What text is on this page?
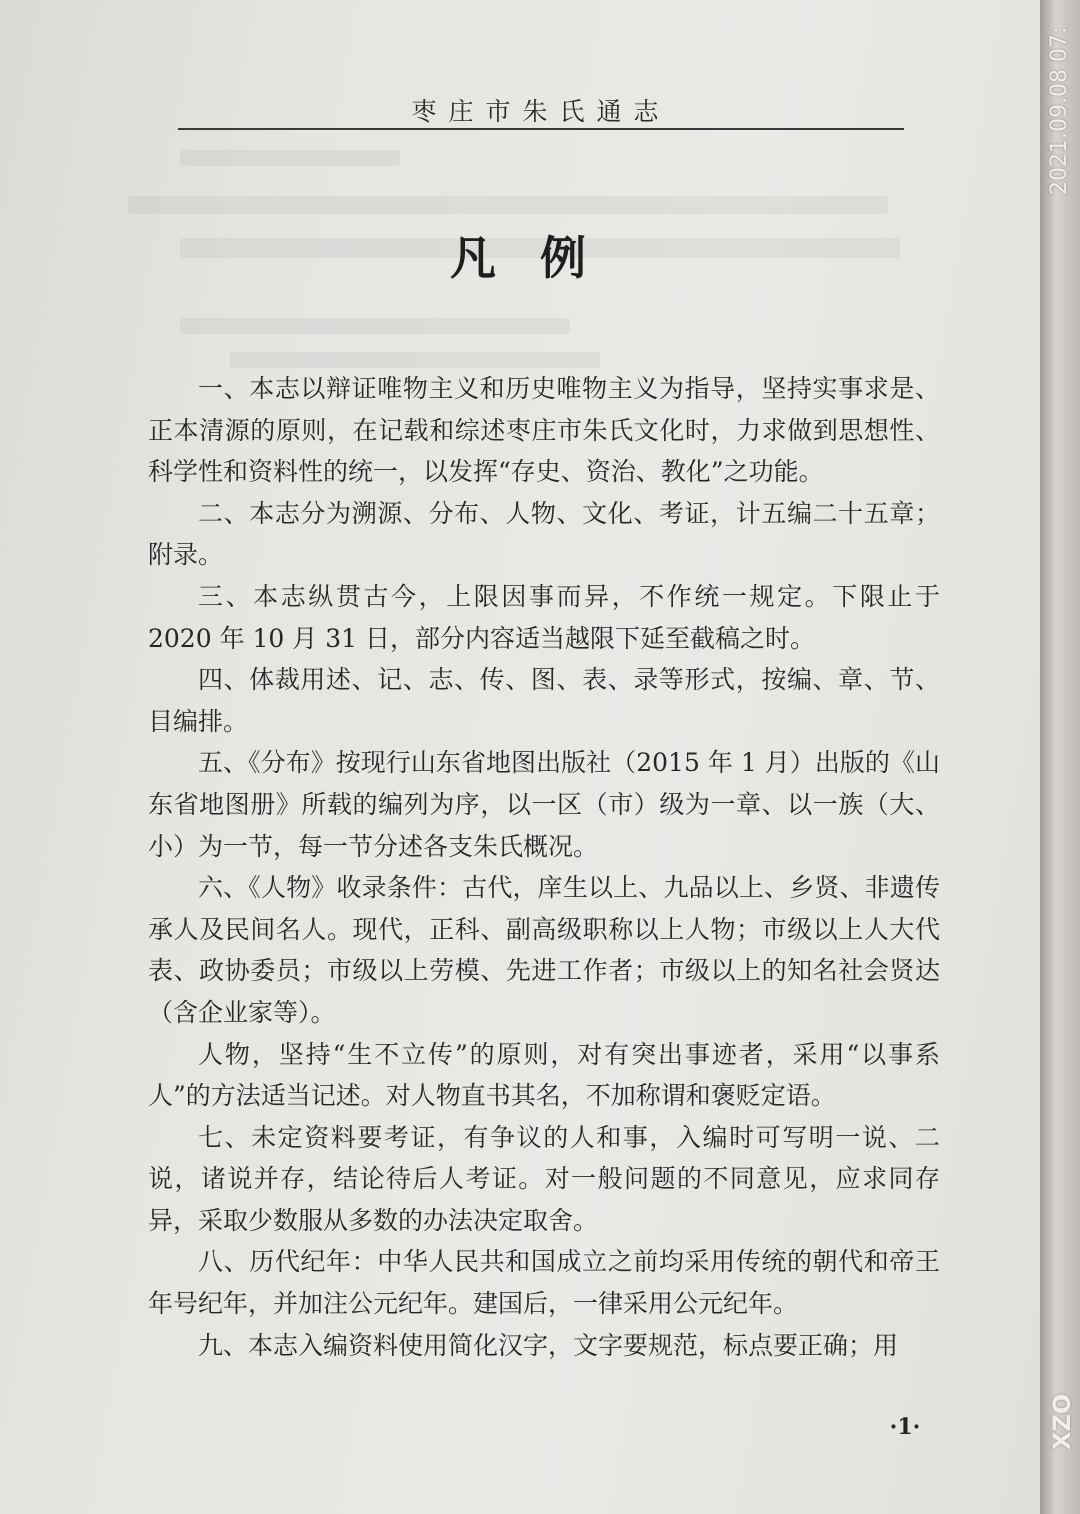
枣庄市朱氏通志
凡例

一、本志以辩证唯物主义和历史唯物主义为指导，坚持实事求是、正本清源的原则，在记载和综述枣庄市朱氏文化时，力求做到思想性、科学性和资料性的统一，以发挥“存史、资治、教化”之功能。

二、本志分为溯源、分布、人物、文化、考证，计五编二十五章；附录。

三、本志纵贯古今，上限因事而异，不作统一规定。下限止于 2020 年 10 月 31 日，部分内容适当越限下延至截稿之时。

四、体裁用述、记、志、传、图、表、录等形式，按编、章、节、目编排。

五、《分布》按现行山东省地图出版社（2015 年 1 月）出版的《山东省地图册》所载的编列为序，以一区（市）级为一章、以一族（大、小）为一节，每一节分述各支朱氏概况。

六、《人物》收录条件：古代，庠生以上、九品以上、乡贤、非遗传承人及民间名人。现代，正科、副高级职称以上人物；市级以上人大代表、政协委员；市级以上劳模、先进工作者；市级以上的知名社会贤达（含企业家等）。

人物，坚持“生不立传”的原则，对有突出事迹者，采用“以事系人”的方法适当记述。对人物直书其名，不加称谓和褒贬定语。

七、未定资料要考证，有争议的人和事，入编时可写明一说、二说，诸说并存，结论待后人考证。对一般问题的不同意见，应求同存异，采取少数服从多数的办法决定取舍。

八、历代纪年：中华人民共和国成立之前均采用传统的朝代和帝王年号纪年，并加注公元纪年。建国后，一律采用公元纪年。

九、本志入编资料使用简化汉字，文字要规范，标点要正确；用

·1·
2021.09.08 07:
XZO
